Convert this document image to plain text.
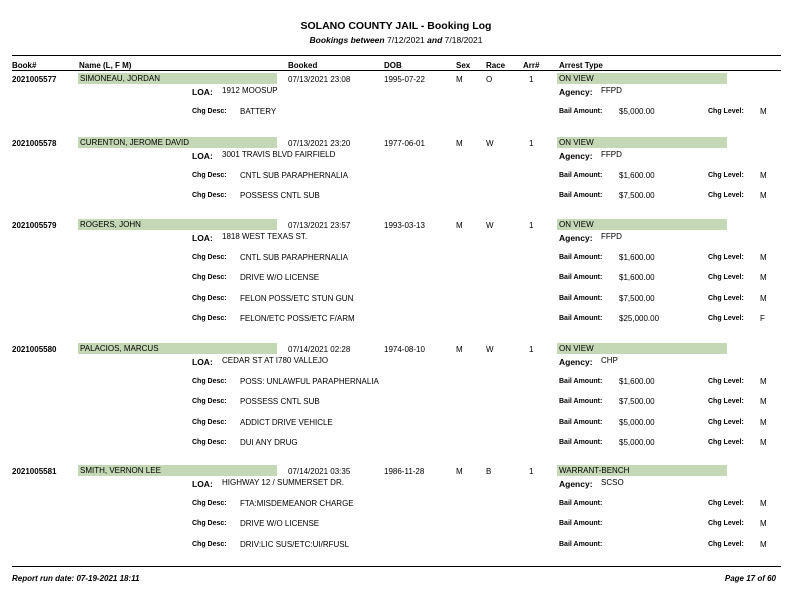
SOLANO COUNTY JAIL - Booking Log
Bookings between 7/12/2021 and 7/18/2021
Book#	Name (L, F M)	Booked	DOB	Sex Race Arr# Arrest Type
2021005577	SIMONEAU, JORDAN	07/13/2021 23:08	1995-07-22	M	O	1	ON VIEW
LOA: 1912 MOOSUP	Agency: FFPD
Chg Desc: BATTERY	Bail Amount: $5,000.00	Chg Level: M
2021005578	CURENTON, JEROME DAVID	07/13/2021 23:20	1977-06-01	M	W	1	ON VIEW
LOA: 3001 TRAVIS BLVD FAIRFIELD	Agency: FFPD
Chg Desc: CNTL SUB PARAPHERNALIA	Bail Amount: $1,600.00	Chg Level: M
Chg Desc: POSSESS CNTL SUB	Bail Amount: $7,500.00	Chg Level: M
2021005579	ROGERS, JOHN	07/13/2021 23:57	1993-03-13	M	W	1	ON VIEW
LOA: 1818 WEST TEXAS ST.	Agency: FFPD
Chg Desc: CNTL SUB PARAPHERNALIA	Bail Amount: $1,600.00	Chg Level: M
Chg Desc: DRIVE W/O LICENSE	Bail Amount: $1,600.00	Chg Level: M
Chg Desc: FELON POSS/ETC STUN GUN	Bail Amount: $7,500.00	Chg Level: M
Chg Desc: FELON/ETC POSS/ETC F/ARM	Bail Amount: $25,000.00	Chg Level: F
2021005580	PALACIOS, MARCUS	07/14/2021 02:28	1974-08-10	M	W	1	ON VIEW
LOA: CEDAR ST AT I780 VALLEJO	Agency: CHP
Chg Desc: POSS: UNLAWFUL PARAPHERNALIA	Bail Amount: $1,600.00	Chg Level: M
Chg Desc: POSSESS CNTL SUB	Bail Amount: $7,500.00	Chg Level: M
Chg Desc: ADDICT DRIVE VEHICLE	Bail Amount: $5,000.00	Chg Level: M
Chg Desc: DUI ANY DRUG	Bail Amount: $5,000.00	Chg Level: M
2021005581	SMITH, VERNON LEE	07/14/2021 03:35	1986-11-28	M	B	1	WARRANT-BENCH
LOA: HIGHWAY 12 / SUMMERSET DR.	Agency: SCSO
Chg Desc: FTA:MISDEMEANOR CHARGE	Bail Amount:	Chg Level: M
Chg Desc: DRIVE W/O LICENSE	Bail Amount:	Chg Level: M
Chg Desc: DRIV:LIC SUS/ETC:UI/RFUSL	Bail Amount:	Chg Level: M
Report run date: 07-19-2021 18:11	Page 17 of 60
